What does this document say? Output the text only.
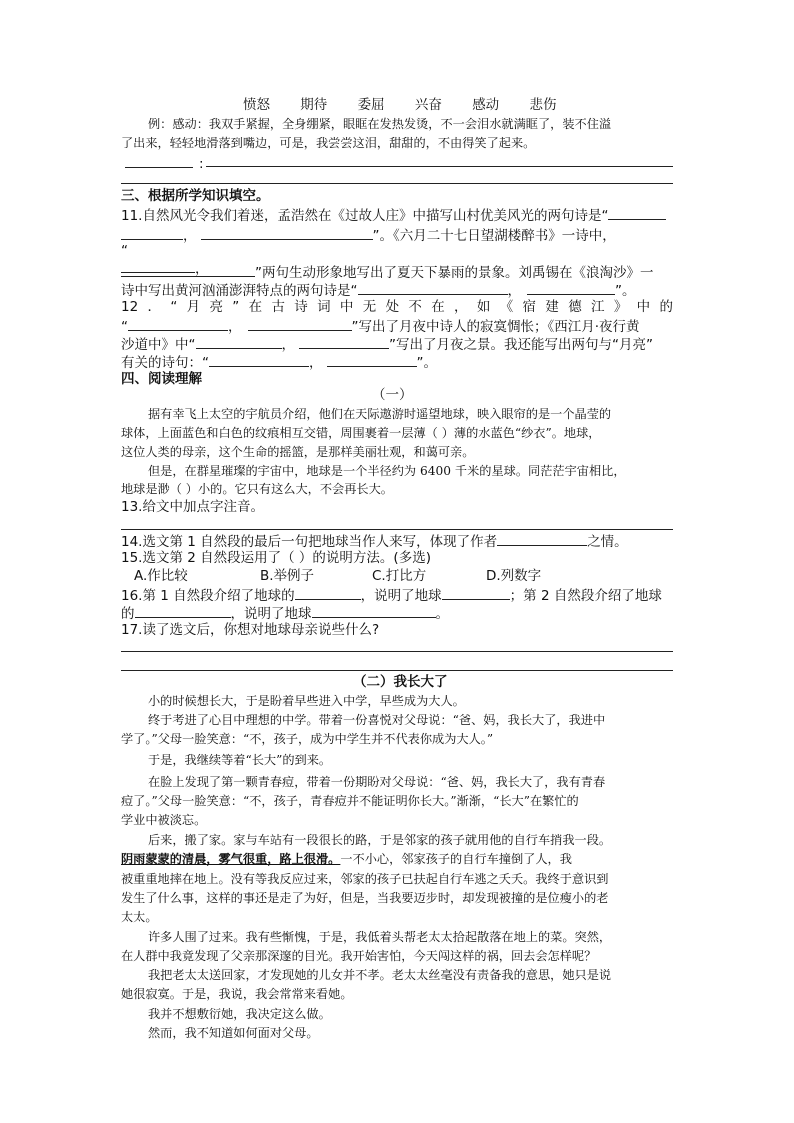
愤怒 期待 委屈 兴奋 感动 悲伤
例：感动：我双手紧握，全身绷紧，眼眶在发热发烫，不一会泪水就满眶了，装不住溢
了出来，轻轻地滑落到嘴边，可是，我尝尝这泪，甜甜的，不由得笑了起来。
:
三、根据所学知识填空。
11.自然风光令我们着迷，孟浩然在《过故人庄》中描写山村优美风光的两句诗是“
，	”。《六月二十七日望湖楼醉书》一诗中，
“
，	”两句生动形象地写出了夏天下暴雨的景象。刘禹锡在《浪淘沙》一
诗中写出黄河汹涌澎湃特点的两句诗是“	，	”。
12．“月亮”在古诗词中无处不在，如《宿建德江》中的
“	，	”写出了月夜中诗人的寂寞惆怅；《西江月·夜行黄
沙道中》中“	，	”写出了月夜之景。我还能写出两句与“月亮”
有关的诗句：“	，	”。
四、阅读理解
（一）
据有幸飞上太空的宇航员介绍，他们在天际遨游时遥望地球，映入眼帘的是一个晶莹的
球体，上面蓝色和白色的纹痕相互交错，周围裹着一层薄（ ）薄的水蓝色“纱衣”。地球，
这位人类的母亲，这个生命的摇篮，是那样美丽壮观，和蔼可亲。
但是，在群星璀璨的宇宙中，地球是一个半径约为 6400 千米的星球。同茫茫宇宙相比，
地球是渺（ ）小的。它只有这么大，不会再长大。
13.给文中加点字注音。
14.选文第 1 自然段的最后一句把地球当作人来写，体现了作者	之情。
15.选文第 2 自然段运用了（ ）的说明方法。(多选)
A.作比较	B.举例子	C.打比方	D.列数字
16.第 1 自然段介绍了地球的	，说明了地球	；第 2 自然段介绍了地球
的	，说明了地球	。
17.读了选文后，你想对地球母亲说些什么?
（二）我长大了
小的时候想长大，于是盼着早些进入中学，早些成为大人。
终于考进了心目中理想的中学。带着一份喜悦对父母说：“爸、妈，我长大了，我进中
学了。”父母一脸笑意：“不，孩子，成为中学生并不代表你成为大人。”
于是，我继续等着“长大”的到来。
在脸上发现了第一颗青春痘，带着一份期盼对父母说：“爸、妈，我长大了，我有青春
痘了。”父母一脸笑意：“不，孩子，青春痘并不能证明你长大。”渐渐，“长大”在繁忙的
学业中被淡忘。
后来，搬了家。家与车站有一段很长的路，于是邻家的孩子就用他的自行车捎我一段。
阴雨蒙蒙的清晨，雾气很重，路上很滑。一不小心，邻家孩子的自行车撞倒了人，我
被重重地摔在地上。没有等我反应过来，邻家的孩子已扶起自行车逃之夭夭。我终于意识到
发生了什么事，这样的事还是走了为好，但是，当我要迈步时，却发现被撞的是位瘦小的老
太太。
许多人围了过来。我有些惭愧，于是，我低着头帮老太太拾起散落在地上的菜。突然，
在人群中我竟发现了父亲那深邃的目光。我开始害怕，今天闯这样的祸，回去会怎样呢？
我把老太太送回家，才发现她的儿女并不孝。老太太丝毫没有责备我的意思，她只是说
她很寂寞。于是，我说，我会常常来看她。
我并不想敷衍她，我决定这么做。
然而，我不知道如何面对父母。
